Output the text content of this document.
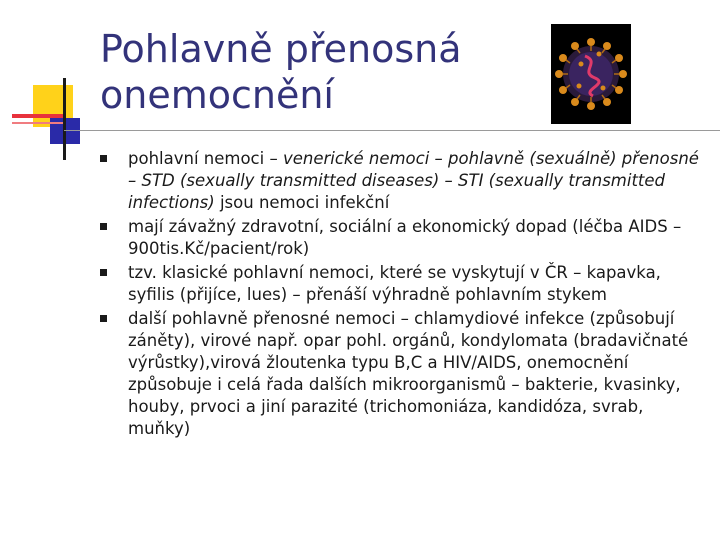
Pohlavně přenosná
onemocnění
pohlavní nemoci – venerické nemoci – pohlavně (sexuálně) přenosné – STD (sexually transmitted diseases) – STI (sexually transmitted infections) jsou nemoci infekční
mají závažný zdravotní, sociální a ekonomický dopad (léčba AIDS – 900tis.Kč/pacient/rok)
tzv. klasické pohlavní nemoci, které se vyskytují v ČR – kapavka, syfilis (přijíce, lues) – přenáší výhradně pohlavním stykem
další pohlavně přenosné nemoci – chlamydiové infekce (způsobují záněty), virové např. opar pohl. orgánů, kondylomata (bradavičnaté výrůstky),virová žloutenka typu B,C a HIV/AIDS, onemocnění způsobuje i celá řada dalších mikroorganismů – bakterie, kvasinky, houby, prvoci a jiní parazité (trichomoniáza, kandidóza, svrab, muňky)
